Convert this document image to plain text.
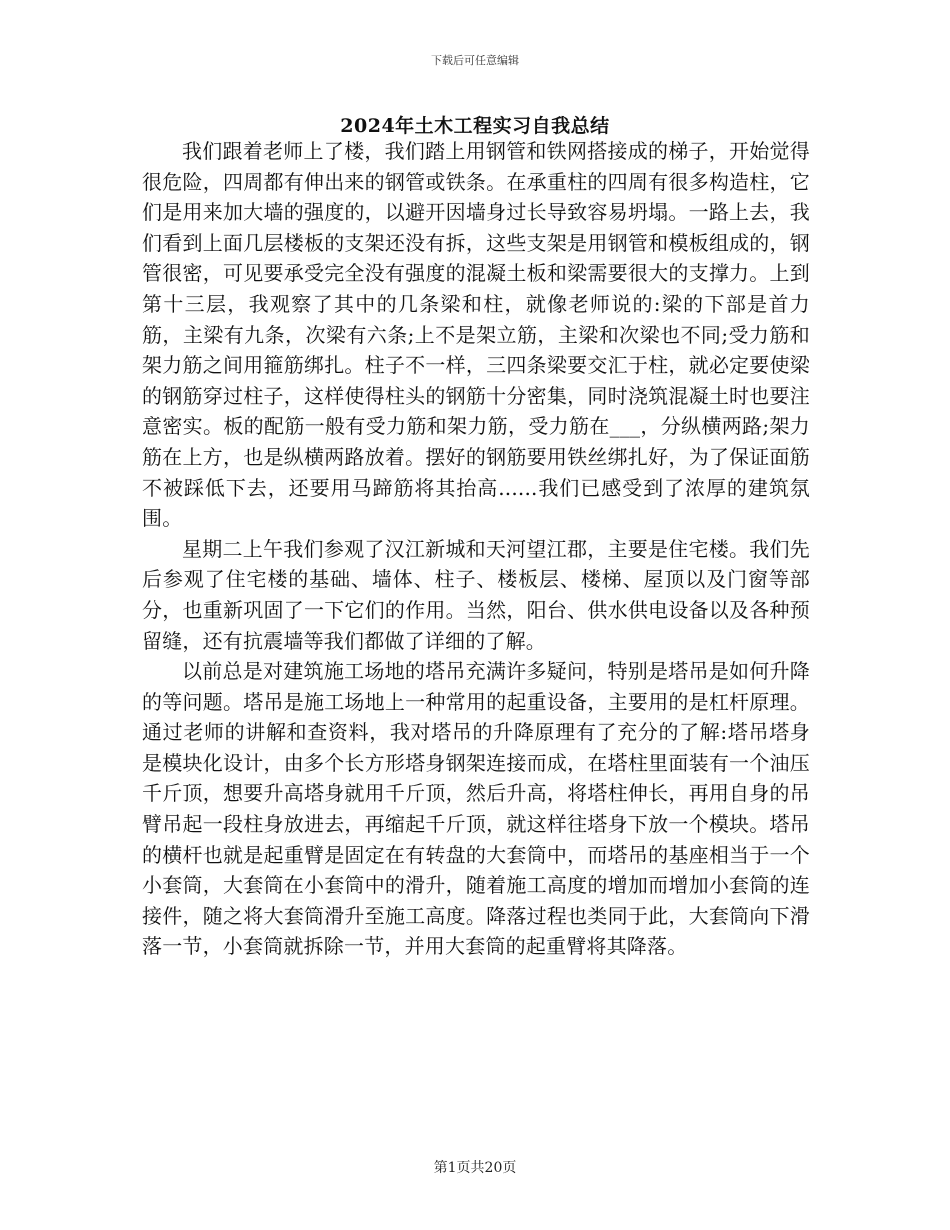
下载后可任意编辑
2024年土木工程实习自我总结

我们跟着老师上了楼，我们踏上用钢管和铁网搭接成的梯子，开始觉得很危险，四周都有伸出来的钢管或铁条。在承重柱的四周有很多构造柱，它们是用来加大墙的强度的，以避开因墙身过长导致容易坍塌。一路上去，我们看到上面几层楼板的支架还没有拆，这些支架是用钢管和模板组成的，钢管很密，可见要承受完全没有强度的混凝土板和梁需要很大的支撑力。上到第十三层，我观察了其中的几条梁和柱，就像老师说的:梁的下部是首力筋，主梁有九条，次梁有六条;上不是架立筋，主梁和次梁也不同;受力筋和架力筋之间用箍筋绑扎。柱子不一样，三四条梁要交汇于柱，就必定要使梁的钢筋穿过柱子，这样使得柱头的钢筋十分密集，同时浇筑混凝土时也要注意密实。板的配筋一般有受力筋和架力筋，受力筋在___，分纵横两路;架力筋在上方，也是纵横两路放着。摆好的钢筋要用铁丝绑扎好，为了保证面筋不被踩低下去，还要用马蹄筋将其抬高......我们已感受到了浓厚的建筑氛围。

星期二上午我们参观了汉江新城和天河望江郡，主要是住宅楼。我们先后参观了住宅楼的基础、墙体、柱子、楼板层、楼梯、屋顶以及门窗等部分，也重新巩固了一下它们的作用。当然，阳台、供水供电设备以及各种预留缝，还有抗震墙等我们都做了详细的了解。

以前总是对建筑施工场地的塔吊充满许多疑问，特别是塔吊是如何升降的等问题。塔吊是施工场地上一种常用的起重设备，主要用的是杠杆原理。通过老师的讲解和查资料，我对塔吊的升降原理有了充分的了解:塔吊塔身是模块化设计，由多个长方形塔身钢架连接而成，在塔柱里面装有一个油压千斤顶，想要升高塔身就用千斤顶，然后升高，将塔柱伸长，再用自身的吊臂吊起一段柱身放进去，再缩起千斤顶，就这样往塔身下放一个模块。塔吊的横杆也就是起重臂是固定在有转盘的大套筒中，而塔吊的基座相当于一个小套筒，大套筒在小套筒中的滑升，随着施工高度的增加而增加小套筒的连接件，随之将大套筒滑升至施工高度。降落过程也类同于此，大套筒向下滑落一节，小套筒就拆除一节，并用大套筒的起重臂将其降落。

第1页共20页
